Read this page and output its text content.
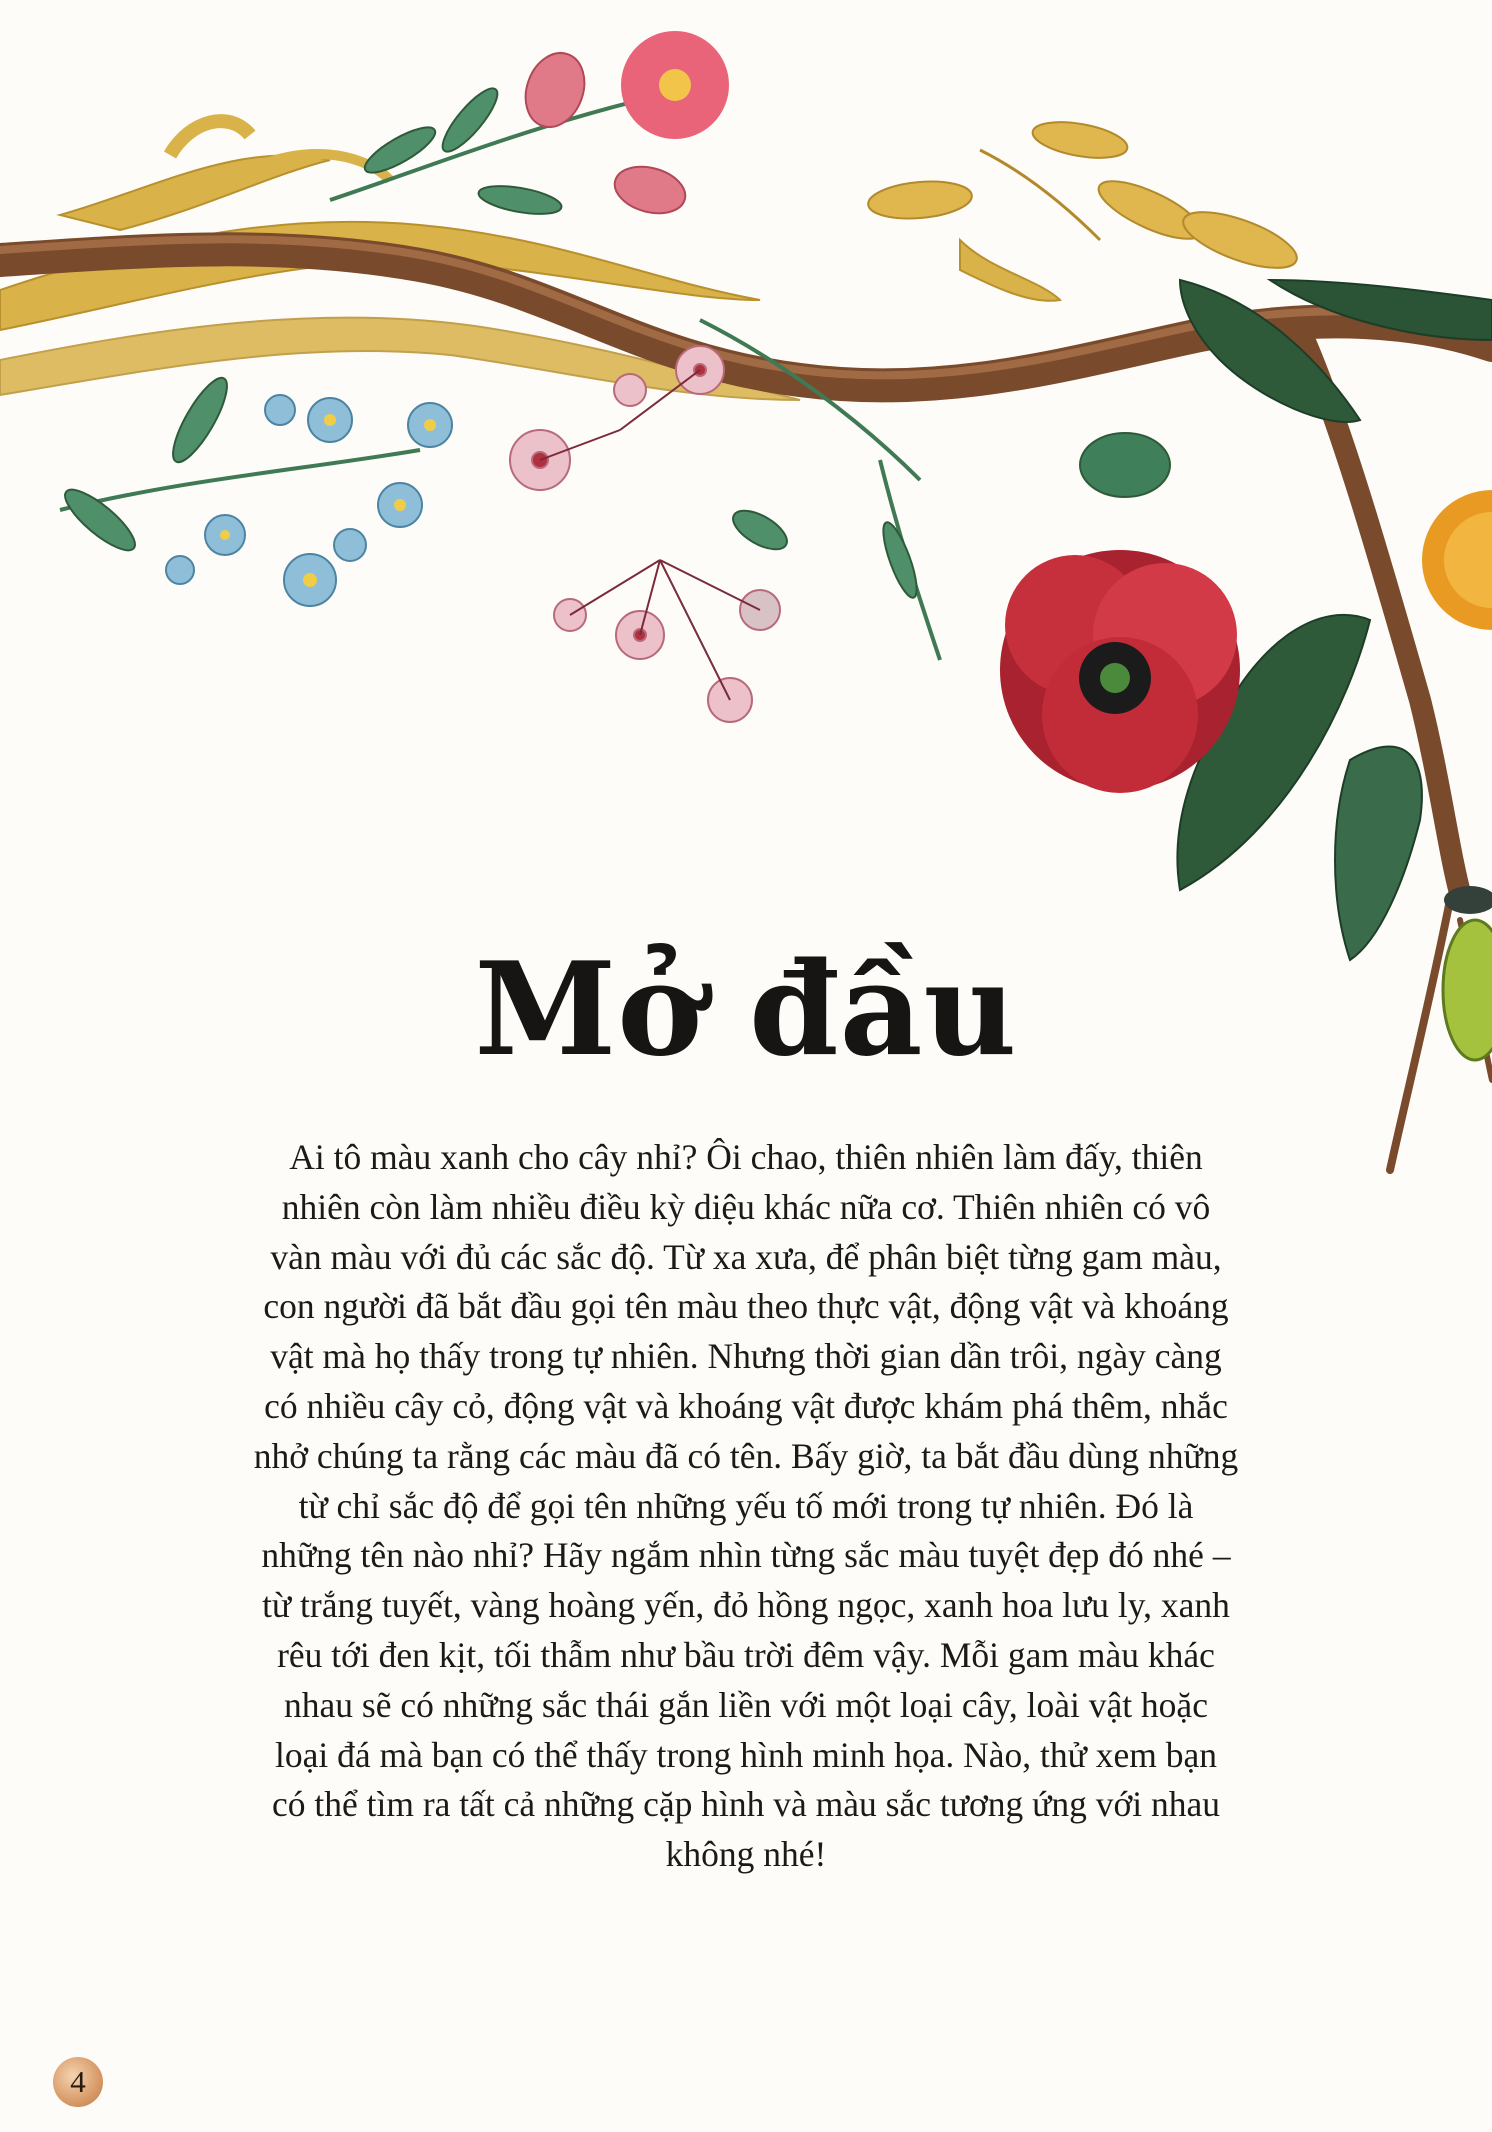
Mở đầu

Ai tô màu xanh cho cây nhỉ? Ôi chao, thiên nhiên làm đấy, thiên
nhiên còn làm nhiều điều kỳ diệu khác nữa cơ. Thiên nhiên có vô
vàn màu với đủ các sắc độ. Từ xa xưa, để phân biệt từng gam màu,
con người đã bắt đầu gọi tên màu theo thực vật, động vật và khoáng
vật mà họ thấy trong tự nhiên. Nhưng thời gian dần trôi, ngày càng
có nhiều cây cỏ, động vật và khoáng vật được khám phá thêm, nhắc
nhở chúng ta rằng các màu đã có tên. Bấy giờ, ta bắt đầu dùng những
từ chỉ sắc độ để gọi tên những yếu tố mới trong tự nhiên. Đó là
những tên nào nhỉ? Hãy ngắm nhìn từng sắc màu tuyệt đẹp đó nhé –
từ trắng tuyết, vàng hoàng yến, đỏ hồng ngọc, xanh hoa lưu ly, xanh
rêu tới đen kịt, tối thẫm như bầu trời đêm vậy. Mỗi gam màu khác
nhau sẽ có những sắc thái gắn liền với một loại cây, loài vật hoặc
loại đá mà bạn có thể thấy trong hình minh họa. Nào, thử xem bạn
có thể tìm ra tất cả những cặp hình và màu sắc tương ứng với nhau
không nhé!

4
